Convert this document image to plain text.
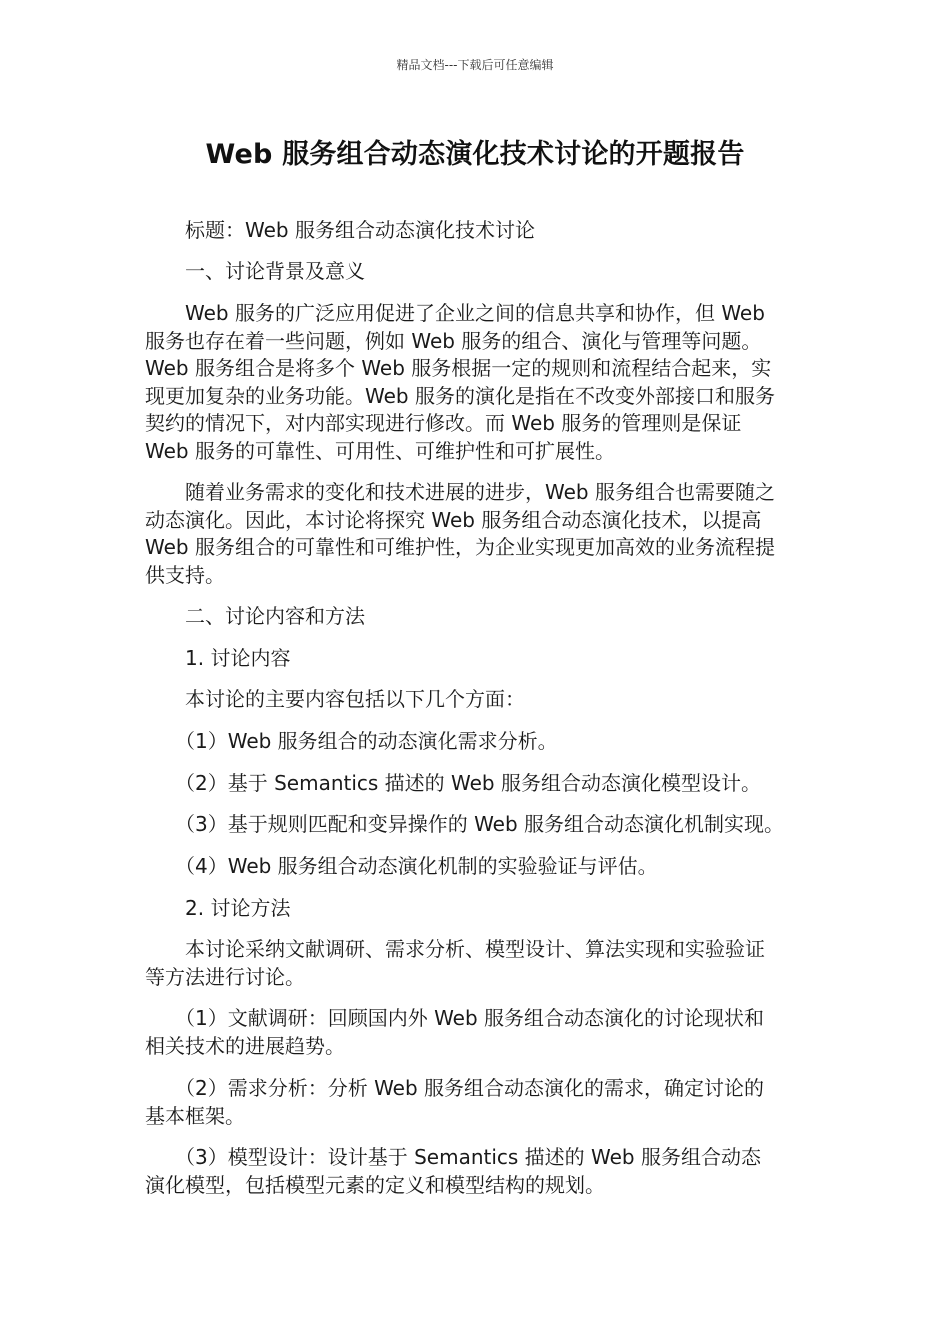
精品文档---下载后可任意编辑
Web 服务组合动态演化技术讨论的开题报告
　　标题：Web 服务组合动态演化技术讨论
　　一、讨论背景及意义
　　Web 服务的广泛应用促进了企业之间的信息共享和协作，但 Web
服务也存在着一些问题，例如 Web 服务的组合、演化与管理等问题。
Web 服务组合是将多个 Web 服务根据一定的规则和流程结合起来，实
现更加复杂的业务功能。Web 服务的演化是指在不改变外部接口和服务
契约的情况下，对内部实现进行修改。而 Web 服务的管理则是保证
Web 服务的可靠性、可用性、可维护性和可扩展性。
　　随着业务需求的变化和技术进展的进步，Web 服务组合也需要随之
动态演化。因此，本讨论将探究 Web 服务组合动态演化技术，以提高
Web 服务组合的可靠性和可维护性，为企业实现更加高效的业务流程提
供支持。
　　二、讨论内容和方法
　　1. 讨论内容
　　本讨论的主要内容包括以下几个方面：
　　（1）Web 服务组合的动态演化需求分析。
　　（2）基于 Semantics 描述的 Web 服务组合动态演化模型设计。
　　（3）基于规则匹配和变异操作的 Web 服务组合动态演化机制实现。
　　（4）Web 服务组合动态演化机制的实验验证与评估。
　　2. 讨论方法
　　本讨论采纳文献调研、需求分析、模型设计、算法实现和实验验证
等方法进行讨论。
　　（1）文献调研：回顾国内外 Web 服务组合动态演化的讨论现状和
相关技术的进展趋势。
　　（2）需求分析：分析 Web 服务组合动态演化的需求，确定讨论的
基本框架。
　　（3）模型设计：设计基于 Semantics 描述的 Web 服务组合动态
演化模型，包括模型元素的定义和模型结构的规划。
